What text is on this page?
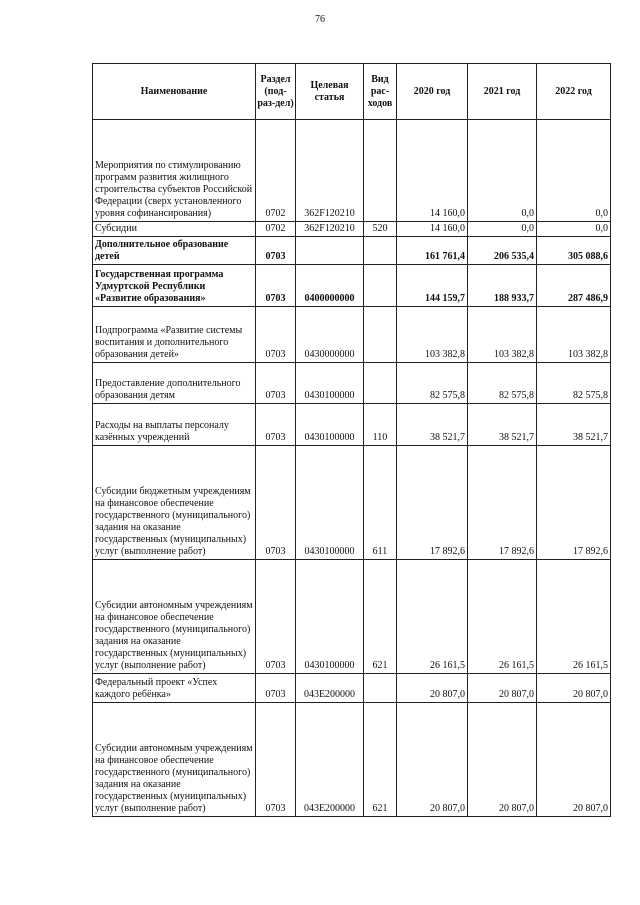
76
Наименование	Раздел (под-раз-дел)	Целевая статья	Вид рас-ходов	2020 год	2021 год	2022 год
Мероприятия по стимулированию программ развития жилищного строительства субъектов Российской Федерации (сверх установленного уровня софинансирования)	0702	362F120210		14 160,0	0,0	0,0
Субсидии	0702	362F120210	520	14 160,0	0,0	0,0
Дополнительное образование детей	0703			161 761,4	206 535,4	305 088,6
Государственная программа Удмуртской Республики «Развитие образования»	0703	0400000000		144 159,7	188 933,7	287 486,9
Подпрограмма «Развитие системы воспитания и дополнительного образования детей»	0703	0430000000		103 382,8	103 382,8	103 382,8
Предоставление дополнительного образования детям	0703	0430100000		82 575,8	82 575,8	82 575,8
Расходы на выплаты персоналу казённых учреждений	0703	0430100000	110	38 521,7	38 521,7	38 521,7
Субсидии бюджетным учреждениям на финансовое обеспечение государственного (муниципального) задания на оказание государственных (муниципальных) услуг (выполнение работ)	0703	0430100000	611	17 892,6	17 892,6	17 892,6
Субсидии автономным учреждениям на финансовое обеспечение государственного (муниципального) задания на оказание государственных (муниципальных) услуг (выполнение работ)	0703	0430100000	621	26 161,5	26 161,5	26 161,5
Федеральный проект «Успех каждого ребёнка»	0703	043E200000		20 807,0	20 807,0	20 807,0
Субсидии автономным учреждениям на финансовое обеспечение государственного (муниципального) задания на оказание государственных (муниципальных) услуг (выполнение работ)	0703	043E200000	621	20 807,0	20 807,0	20 807,0
